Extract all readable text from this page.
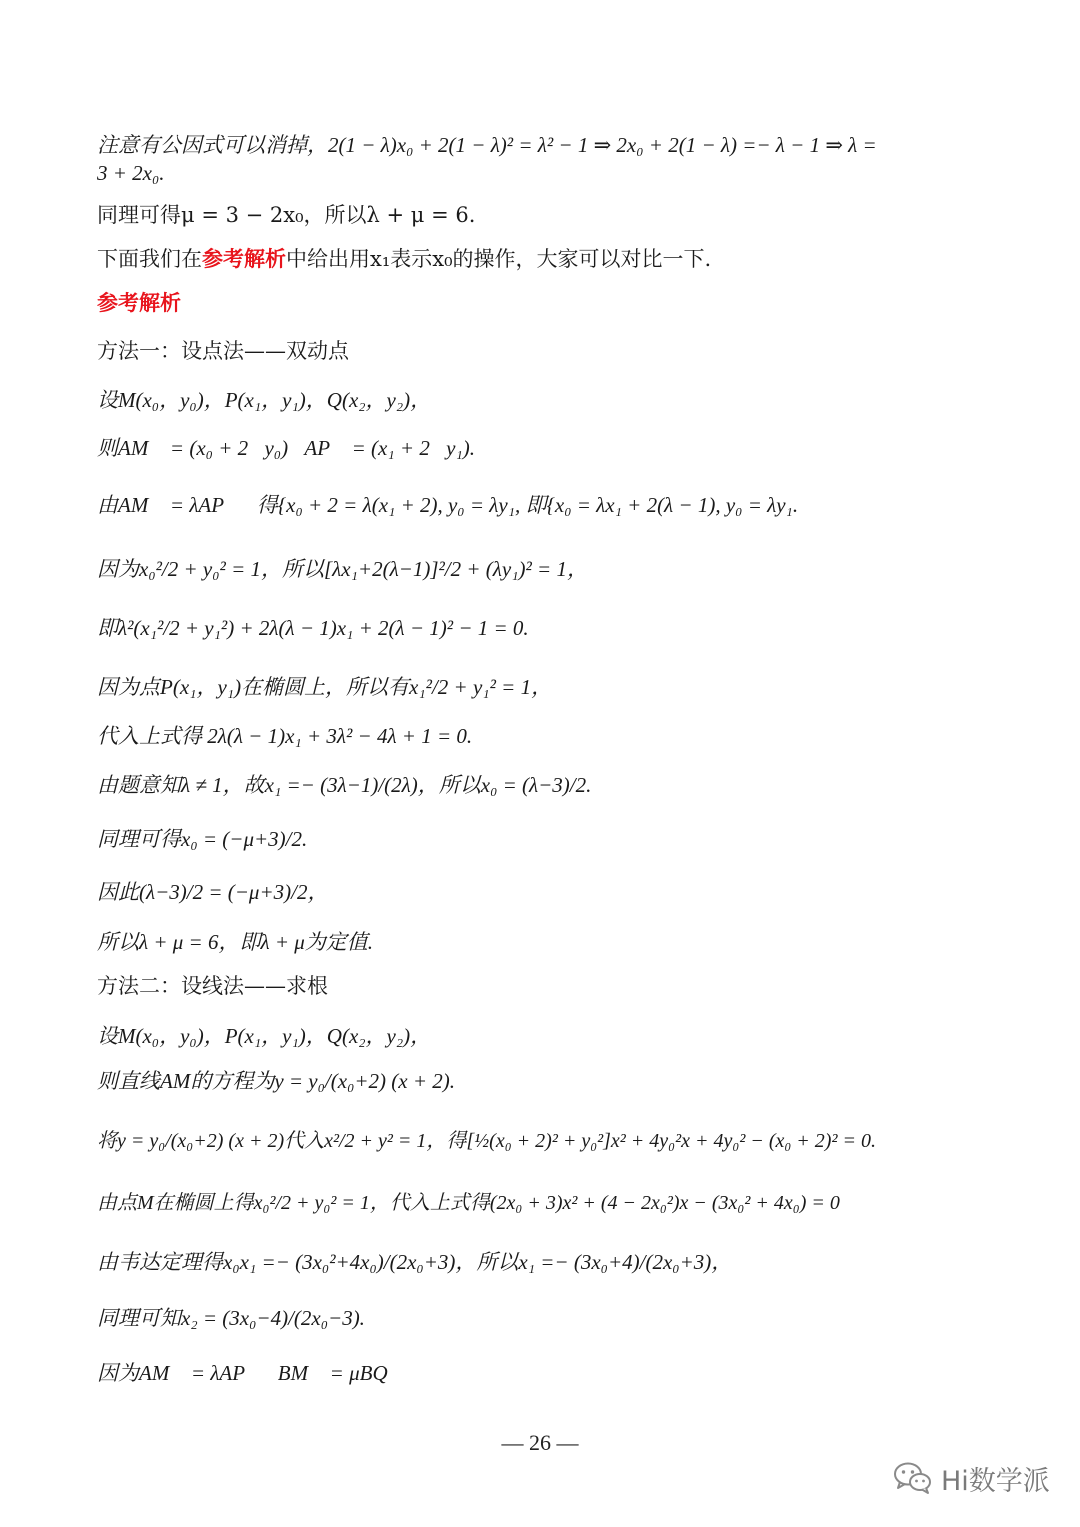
注意有公因式可以消掉，2(1 − λ)x₀ + 2(1 − λ)² = λ² − 1 ⇒ 2x₀ + 2(1 − λ) =− λ − 1 ⇒ λ =
3 + 2x₀.
同理可得μ = 3 − 2x₀，所以λ + μ = 6.
下面我们在参考解析中给出用x₁表示x₀的操作，大家可以对比一下.
参考解析
方法一：设点法——双动点
设M(x₀，y₀)，P(x₁，y₁)，Q(x₂，y₂)，
则AM⃗ = (x₀ + 2，y₀)，AP⃗ = (x₁ + 2，y₁).
由AM⃗ = λAP⃗，得{x₀ + 2 = λ(x₁ + 2), y₀ = λy₁, 即{x₀ = λx₁ + 2(λ − 1), y₀ = λy₁.
因为x₀²/2 + y₀² = 1，所以[λx₁+2(λ−1)]²/2 + (λy₁)² = 1，
即λ²(x₁²/2 + y₁²) + 2λ(λ − 1)x₁ + 2(λ − 1)² − 1 = 0.
因为点P(x₁，y₁)在椭圆上，所以有x₁²/2 + y₁² = 1，
代入上式得 2λ(λ − 1)x₁ + 3λ² − 4λ + 1 = 0.
由题意知λ ≠ 1，故x₁ =− (3λ−1)/(2λ)，所以x₀ = (λ−3)/2.
同理可得x₀ = (−μ+3)/2.
因此(λ−3)/2 = (−μ+3)/2，
所以λ + μ = 6，即λ + μ为定值.
方法二：设线法——求根
设M(x₀，y₀)，P(x₁，y₁)，Q(x₂，y₂)，
则直线AM的方程为y = y₀/(x₀+2) (x + 2).
将y = y₀/(x₀+2) (x + 2)代入x²/2 + y² = 1，得[½(x₀ + 2)² + y₀²]x² + 4y₀²x + 4y₀² − (x₀ + 2)² = 0.
由点M在椭圆上得x₀²/2 + y₀² = 1，代入上式得(2x₀ + 3)x² + (4 − 2x₀²)x − (3x₀² + 4x₀) = 0
由韦达定理得x₀x₁ =− (3x₀²+4x₀)/(2x₀+3)，所以x₁ =− (3x₀+4)/(2x₀+3)，
同理可知x₂ = (3x₀−4)/(2x₀−3).
因为AM⃗ = λAP⃗，BM⃗ = μBQ⃗，
— 26 —
Hi数学派
